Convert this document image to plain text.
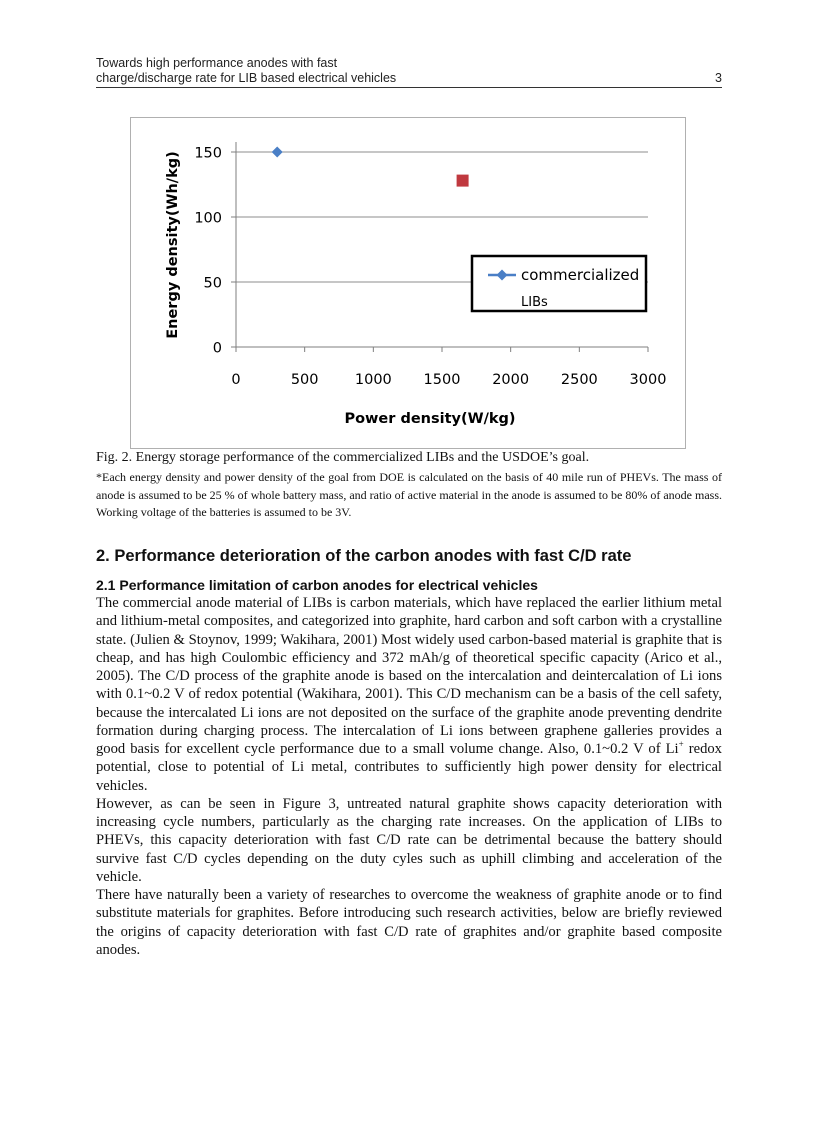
Towards high performance anodes with fast
charge/discharge rate for LIB based electrical vehicles	3
0
50
100
150
0	500	1000 1500 2000 2500 3000
Energy density(Wh/kg)
Power density(W/kg)
commercialized
LIBs
Fig. 2. Energy storage performance of the commercialized LIBs and the USDOE’s goal.
*Each energy density and power density of the goal from DOE is calculated on the basis of 40 mile run of PHEVs. The mass of anode is assumed to be 25 % of whole battery mass, and ratio of active material in the anode is assumed to be 80% of anode mass. Working voltage of the batteries is assumed to be 3V.
2. Performance deterioration of the carbon anodes with fast C/D rate
2.1 Performance limitation of carbon anodes for electrical vehicles

The commercial anode material of LIBs is carbon materials, which have replaced the earlier lithium metal and lithium-metal composites, and categorized into graphite, hard carbon and soft carbon with a crystalline state. (Julien & Stoynov, 1999; Wakihara, 2001) Most widely used carbon-based material is graphite that is cheap, and has high Coulombic efficiency and 372 mAh/g of theoretical specific capacity (Arico et al., 2005). The C/D process of the graphite anode is based on the intercalation and deintercalation of Li ions with 0.1~0.2 V of redox potential (Wakihara, 2001). This C/D mechanism can be a basis of the cell safety, because the intercalated Li ions are not deposited on the surface of the graphite anode preventing dendrite formation during charging process. The intercalation of Li ions between graphene galleries provides a good basis for excellent cycle performance due to a small volume change. Also, 0.1~0.2 V of Li+ redox potential, close to potential of Li metal, contributes to sufficiently high power density for electrical vehicles.

However, as can be seen in Figure 3, untreated natural graphite shows capacity deterioration with increasing cycle numbers, particularly as the charging rate increases. On the application of LIBs to PHEVs, this capacity deterioration with fast C/D rate can be detrimental because the battery should survive fast C/D cycles depending on the duty cyles such as uphill climbing and acceleration of the vehicle.

There have naturally been a variety of researches to overcome the weakness of graphite anode or to find substitute materials for graphites. Before introducing such research activities, below are briefly reviewed the origins of capacity deterioration with fast C/D rate of graphites and/or graphite based composite anodes.
